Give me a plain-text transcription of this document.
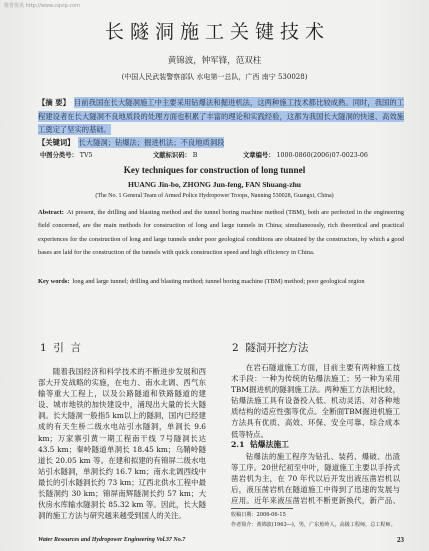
维普资讯 http://www.cqvip.com
长隧洞施工关键技术
黄锦波，钟军锋，范双柱
(中国人民武装警察部队 水电第一总队，广西 南宁 530028)
【摘 要】 目前我国在长大隧洞施工中主要采用钻爆法和掘进机法，这两种施工技术都比较成熟。同时，我国的工程建设者在长大隧洞不良地质段的处理方面也积累了丰富的理论和实践经验，这都为我国长大隧洞的快速、高效施工奠定了坚实的基础。
【关键词】 长大隧洞；钻爆法；掘进机法；不良地质洞段
中图分类号： TV5	文献标识码： B	文章编号： 1000-0860(2006)07-0023-06
Key techniques for construction of long tunnel
HUANG Jin-bo, ZHONG Jun-feng, FAN Shuang-zhu
(The No. 1 General Team of Armed Police Hydropower Troops, Nanning 530028, Guangxi, China)
Abstract: At present, the drilling and blasting method and the tunnel boring machine method (TBM), both are perfected in the engineering field concerned, are the main methods for construction of long and large tunnels in China; simultaneously, rich theoretical and practical experiences for the construction of long and large tunnels under poor geological conditions are obtained by the constructors, by which a good bases are laid for the construction of the tunnels with quick construction speed and high efficiency in China.
Key words: long and large tunnel; drilling and blasting method; tunnel boring machine (TBM) method; poor geological region
1  引  言	2  隧洞开挖方法

随着我国经济和科学技术的不断进步发展和西部大开发战略的实施，在电力、南水北调、西气东输等重大工程上，以及公路隧道和铁路隧道的建设、城市地铁的加快建设中，涌现出大量的长大隧洞。长大隧洞一般指5 km以上的隧洞，国内已经建成的有天生桥二级水电站引水隧洞，单洞长 9.6 km；万家寨引黄一期工程南干线 7号隧洞长达 43.5 km；秦岭隧道单洞长 18.45 km；乌鞘岭隧道长 20.05 km 等。在建和拟建的有锦屏二级水电站引水隧洞，单洞长约 16.7 km；南水北调西线中最长的引水隧洞长约 73 km；辽西北供水工程中最长隧洞约 30 km；锦屏南辉隧洞长约 57 km；大伙房水库输水隧洞长 85.32 km 等。因此，长大隧洞的施工方法与研究越来越受到国人的关注。

在岩石隧道施工方面，目前主要有两种施工技术手段：一种为传统的钻爆法施工；另一种为采用TBM掘进机的隧洞施工法。两种施工方法相比较，钻爆法施工具有设备投入低、机动灵活、对各种地质结构的适应性强等优点。全断面TBM掘进机施工方法具有优质、高效、环保、安全可靠、综合成本低等特点。

2.1  钻爆法施工

钻爆法的施工程序为钻孔、装药、爆破、出渣等工序。20世纪初至中叶，隧道施工主要以手持式凿岩机为主，在 70 年代以后开发出液压凿岩机以后，液压凿岩机在隧道施工中得到了迅速的发展与应用。近年来液压凿岩机不断更新换代，新产品、

收稿日期：2006-06-15
作者简介：黄锦波(1963—)，男，广东蕉岭人，高级工程师，总工程师。
Water Resources and Hydropower Engineering Vol.37 No.7	23
